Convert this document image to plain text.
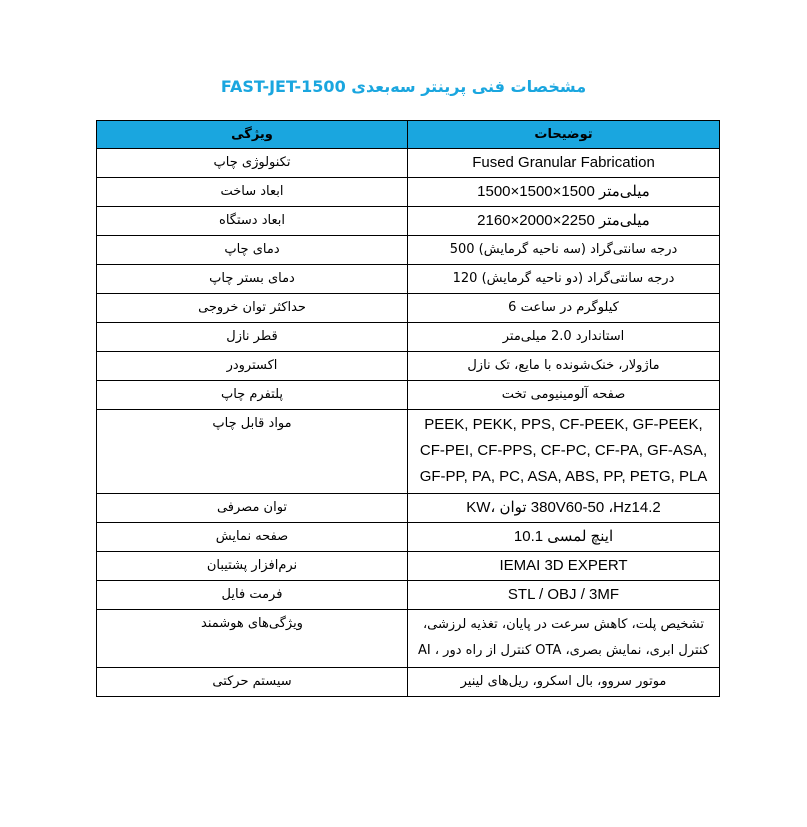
مشخصات فنی پرینتر سه‌بعدی FAST-JET-1500
توضیحات	ویژگی
Fused Granular Fabrication	تکنولوژی چاپ
میلی‌متر 1500×1500×1500	ابعاد ساخت
میلی‌متر 2250×2000×2160	ابعاد دستگاه
درجه سانتی‌گراد (سه ناحیه گرمایش) 500	دمای چاپ
درجه سانتی‌گراد (دو ناحیه گرمایش) 120	دمای بستر چاپ
کیلوگرم در ساعت 6	حداکثر توان خروجی
استاندارد 2.0 میلی‌متر	قطر نازل
ماژولار، خنک‌شونده با مایع، تک نازل	اکسترودر
صفحه آلومینیومی تخت	پلتفرم چاپ
PEEK, PEKK, PPS, CF-PEEK, GF-PEEK, CF-PEI, CF-PPS, CF-PC, CF-PA, GF-ASA, GF-PP, PA, PC, ASA, ABS, PP, PETG, PLA	مواد قابل چاپ
380V60-50 ،Hz14.2 توان ،KW	توان مصرفی
اینچ لمسی 10.1	صفحه نمایش
IEMAI 3D EXPERT	نرم‌افزار پشتیبان
STL / OBJ / 3MF	فرمت فایل
تشخیص پلت، کاهش سرعت در پایان، تغذیه لرزشی، کنترل ابری، نمایش بصری، OTA کنترل از راه دور ، AI	ویژگی‌های هوشمند
موتور سروو، بال اسکرو، ریل‌های لینیر	سیستم حرکتی
